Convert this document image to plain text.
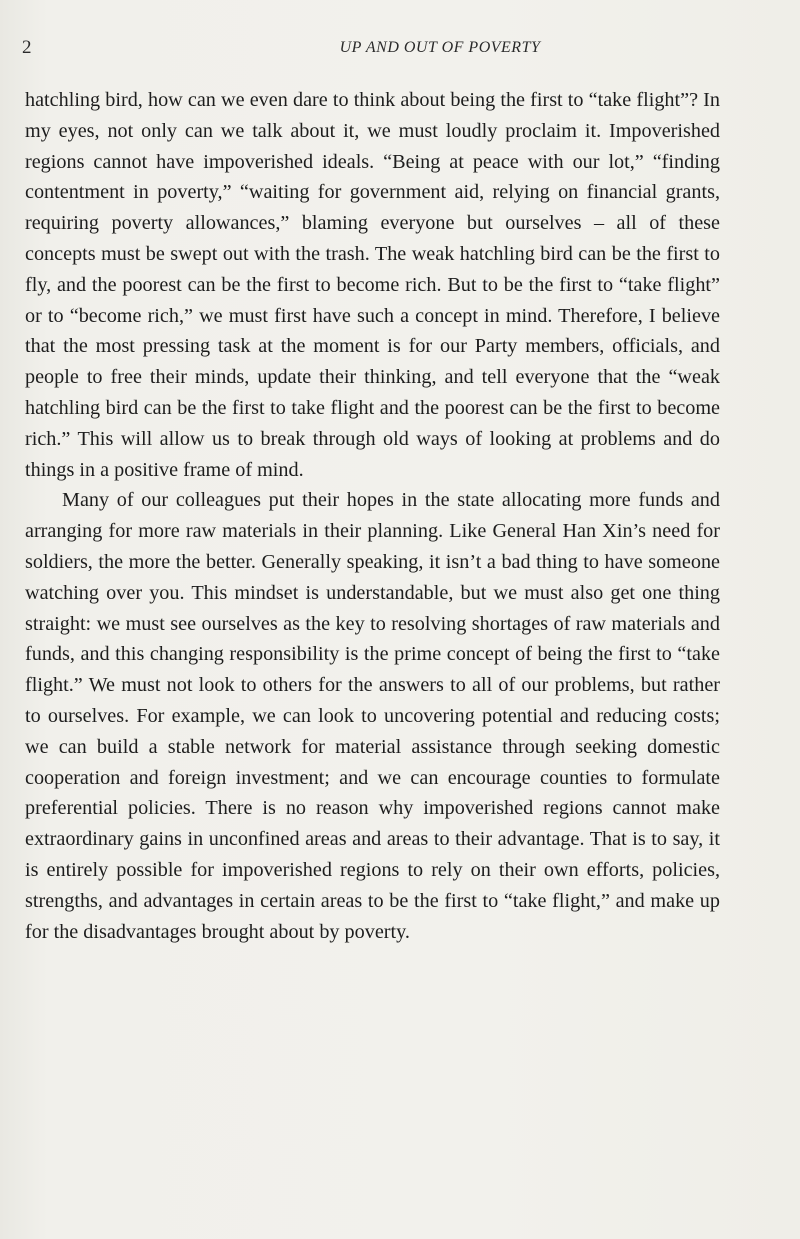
2	UP AND OUT OF POVERTY

hatchling bird, how can we even dare to think about being the first to “take flight”? In my eyes, not only can we talk about it, we must loudly proclaim it. Impoverished regions cannot have impoverished ideals. “Being at peace with our lot,” “finding contentment in poverty,” “waiting for government aid, relying on financial grants, requiring poverty allowances,” blaming everyone but ourselves – all of these concepts must be swept out with the trash. The weak hatchling bird can be the first to fly, and the poorest can be the first to become rich. But to be the first to “take flight” or to “become rich,” we must first have such a concept in mind. Therefore, I believe that the most pressing task at the moment is for our Party members, officials, and people to free their minds, update their thinking, and tell everyone that the “weak hatchling bird can be the first to take flight and the poorest can be the first to become rich.” This will allow us to break through old ways of looking at problems and do things in a positive frame of mind.

Many of our colleagues put their hopes in the state allocating more funds and arranging for more raw materials in their planning. Like General Han Xin’s need for soldiers, the more the better. Generally speaking, it isn’t a bad thing to have someone watching over you. This mindset is understandable, but we must also get one thing straight: we must see ourselves as the key to resolving shortages of raw materials and funds, and this changing responsibility is the prime concept of being the first to “take flight.” We must not look to others for the answers to all of our problems, but rather to ourselves. For example, we can look to uncovering potential and reducing costs; we can build a stable network for material assistance through seeking domestic cooperation and foreign investment; and we can encourage counties to formulate preferential policies. There is no reason why impoverished regions cannot make extraordinary gains in unconfined areas and areas to their advantage. That is to say, it is entirely possible for impoverished regions to rely on their own efforts, policies, strengths, and advantages in certain areas to be the first to “take flight,” and make up for the disadvantages brought about by poverty.
